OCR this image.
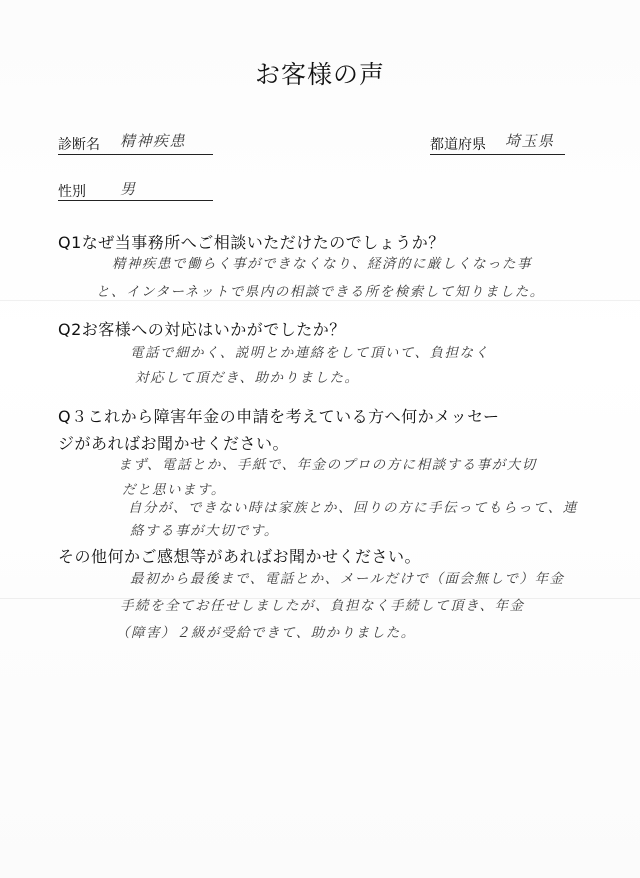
お客様の声
診断名 精神疾患	都道府県 埼玉県
性別 男
Q1なぜ当事務所へご相談いただけたのでしょうか？
精神疾患で働らく事ができなくなり、経済的に厳しくなった事
と、インターネットで県内の相談できる所を検索して知りました。
Q2お客様への対応はいかがでしたか？
電話で細かく、説明とか連絡をして頂いて、負担なく
対応して頂だき、助かりました。
Q３これから障害年金の申請を考えている方へ何かメッセー
ジがあればお聞かせください。
まず、電話とか、手紙で、年金のプロの方に相談する事が大切
だと思います。
自分が、できない時は家族とか、回りの方に手伝ってもらって、連
絡する事が大切です。
その他何かご感想等があればお聞かせください。
最初から最後まで、電話とか、メールだけで（面会無しで）年金
手続を全てお任せしましたが、負担なく手続して頂き、年金
（障害）２級が受給できて、助かりました。
